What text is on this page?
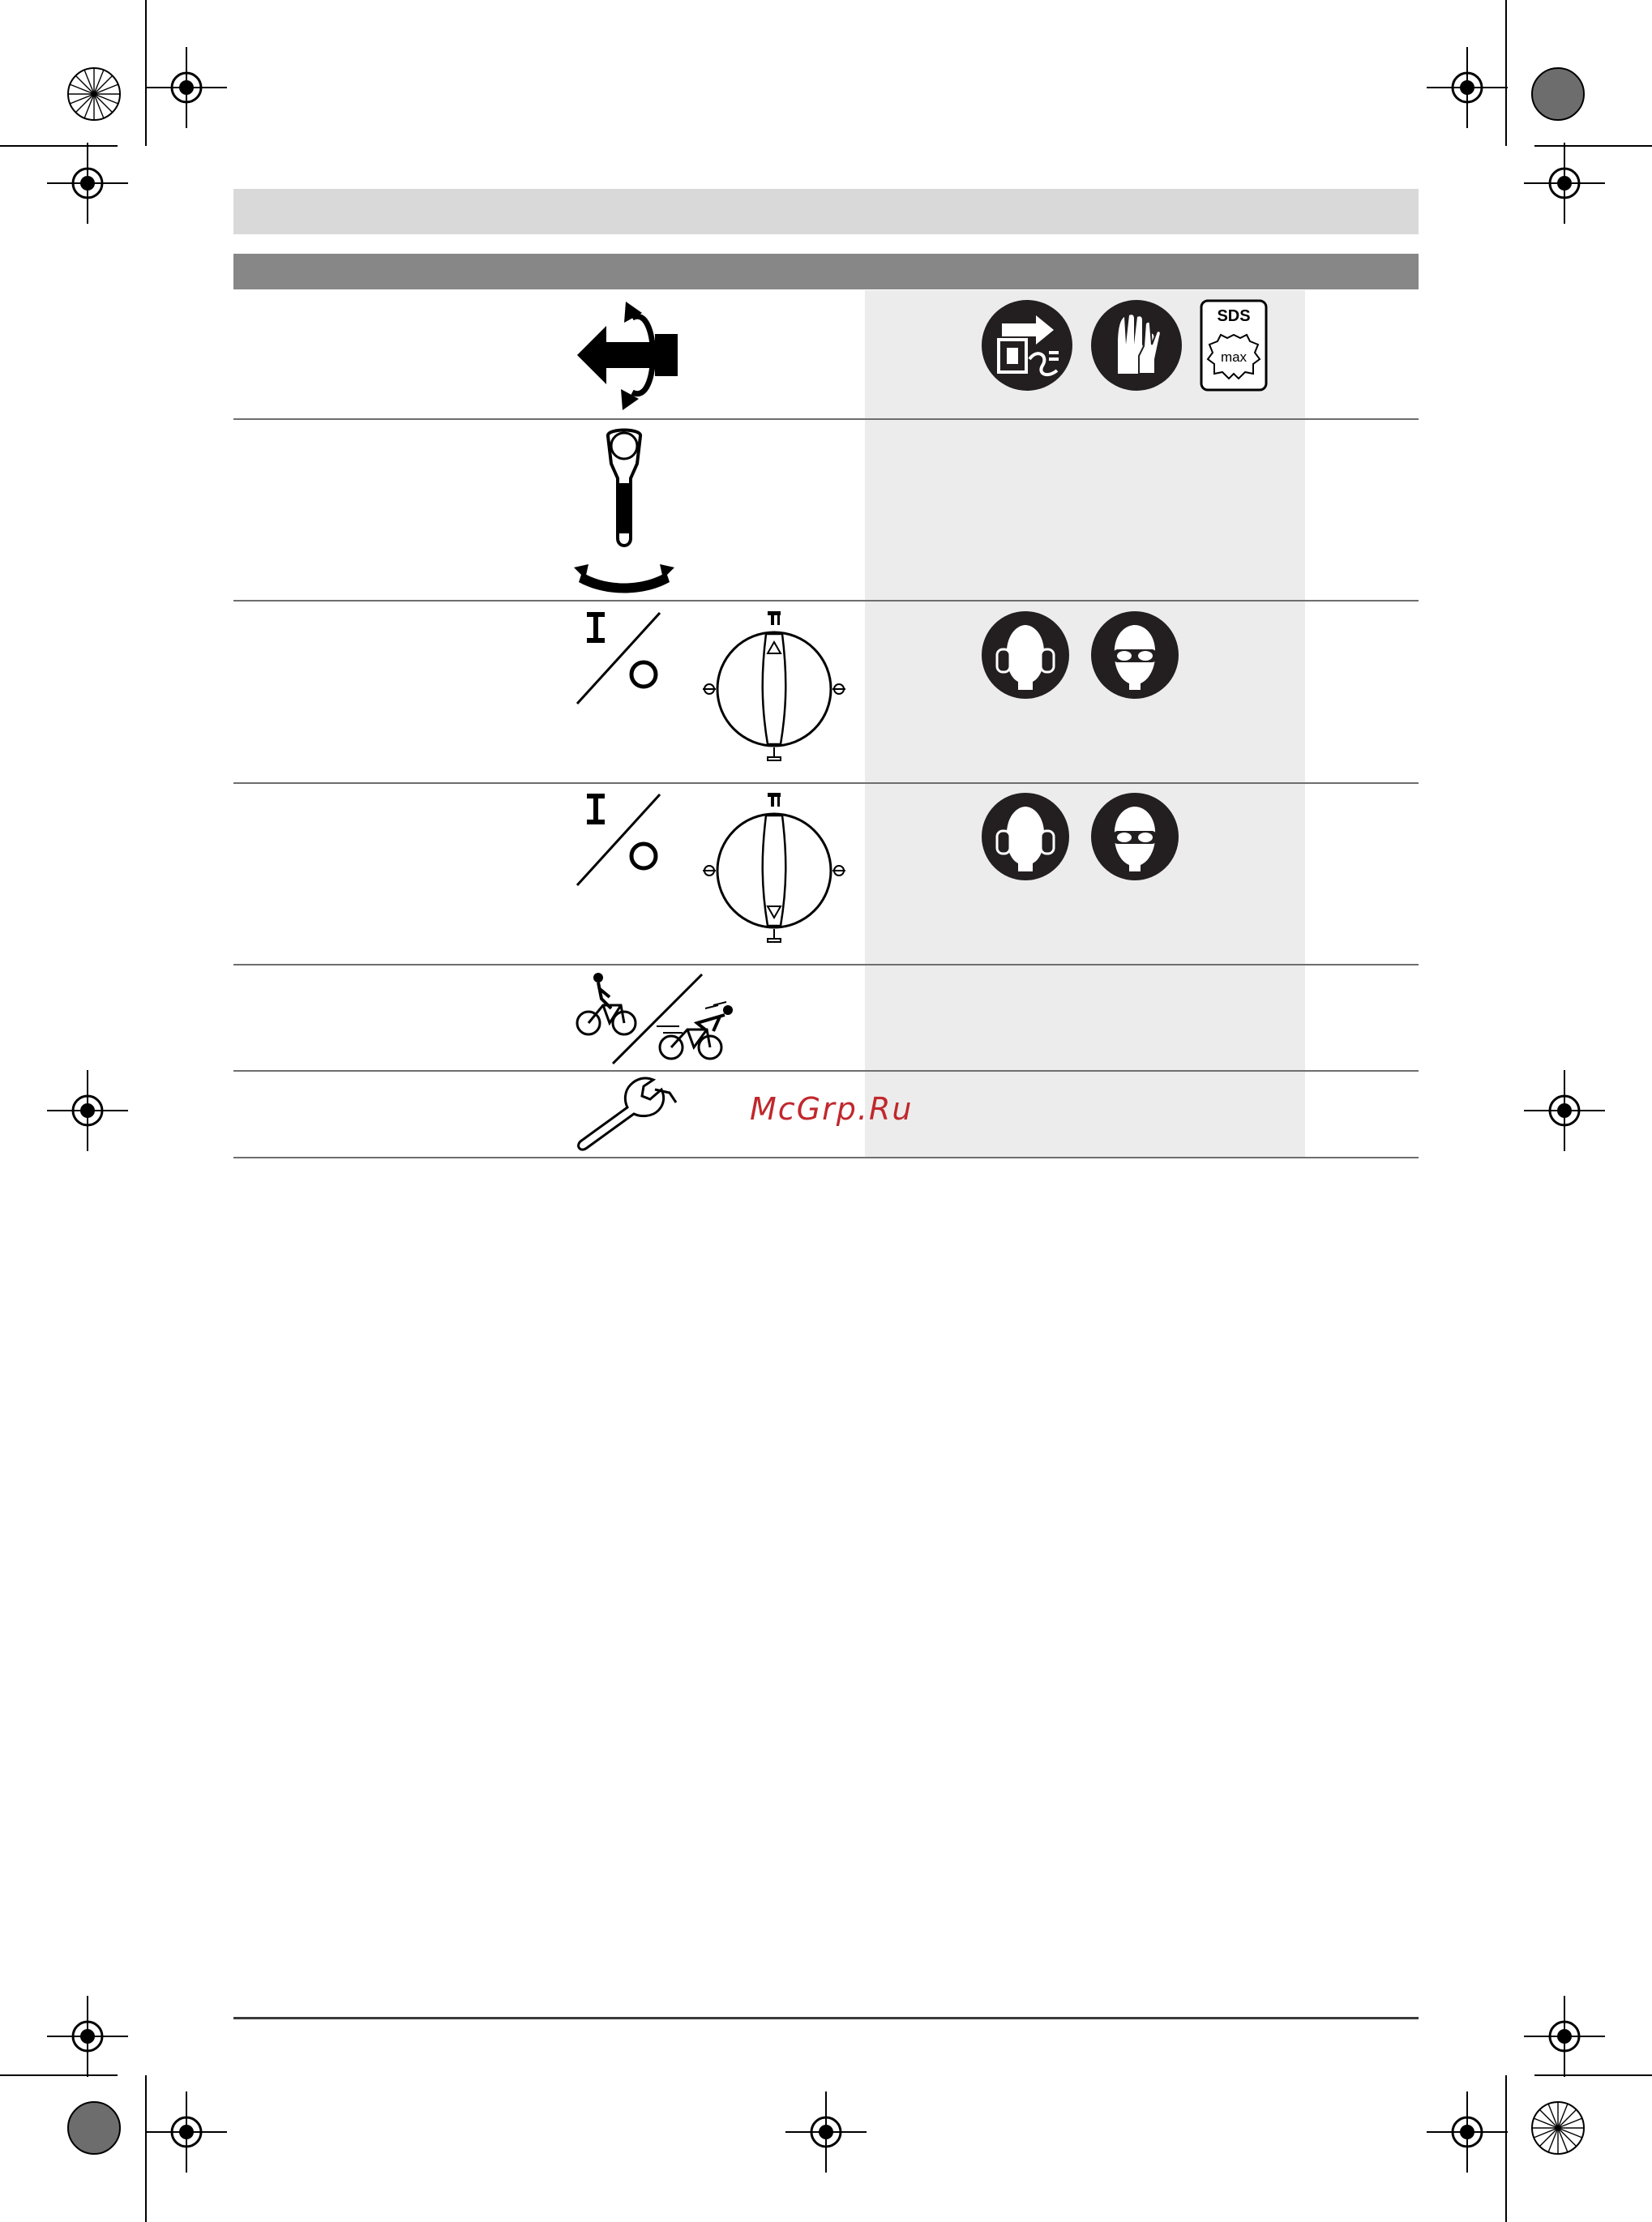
SDS
max
McGrp.Ru
